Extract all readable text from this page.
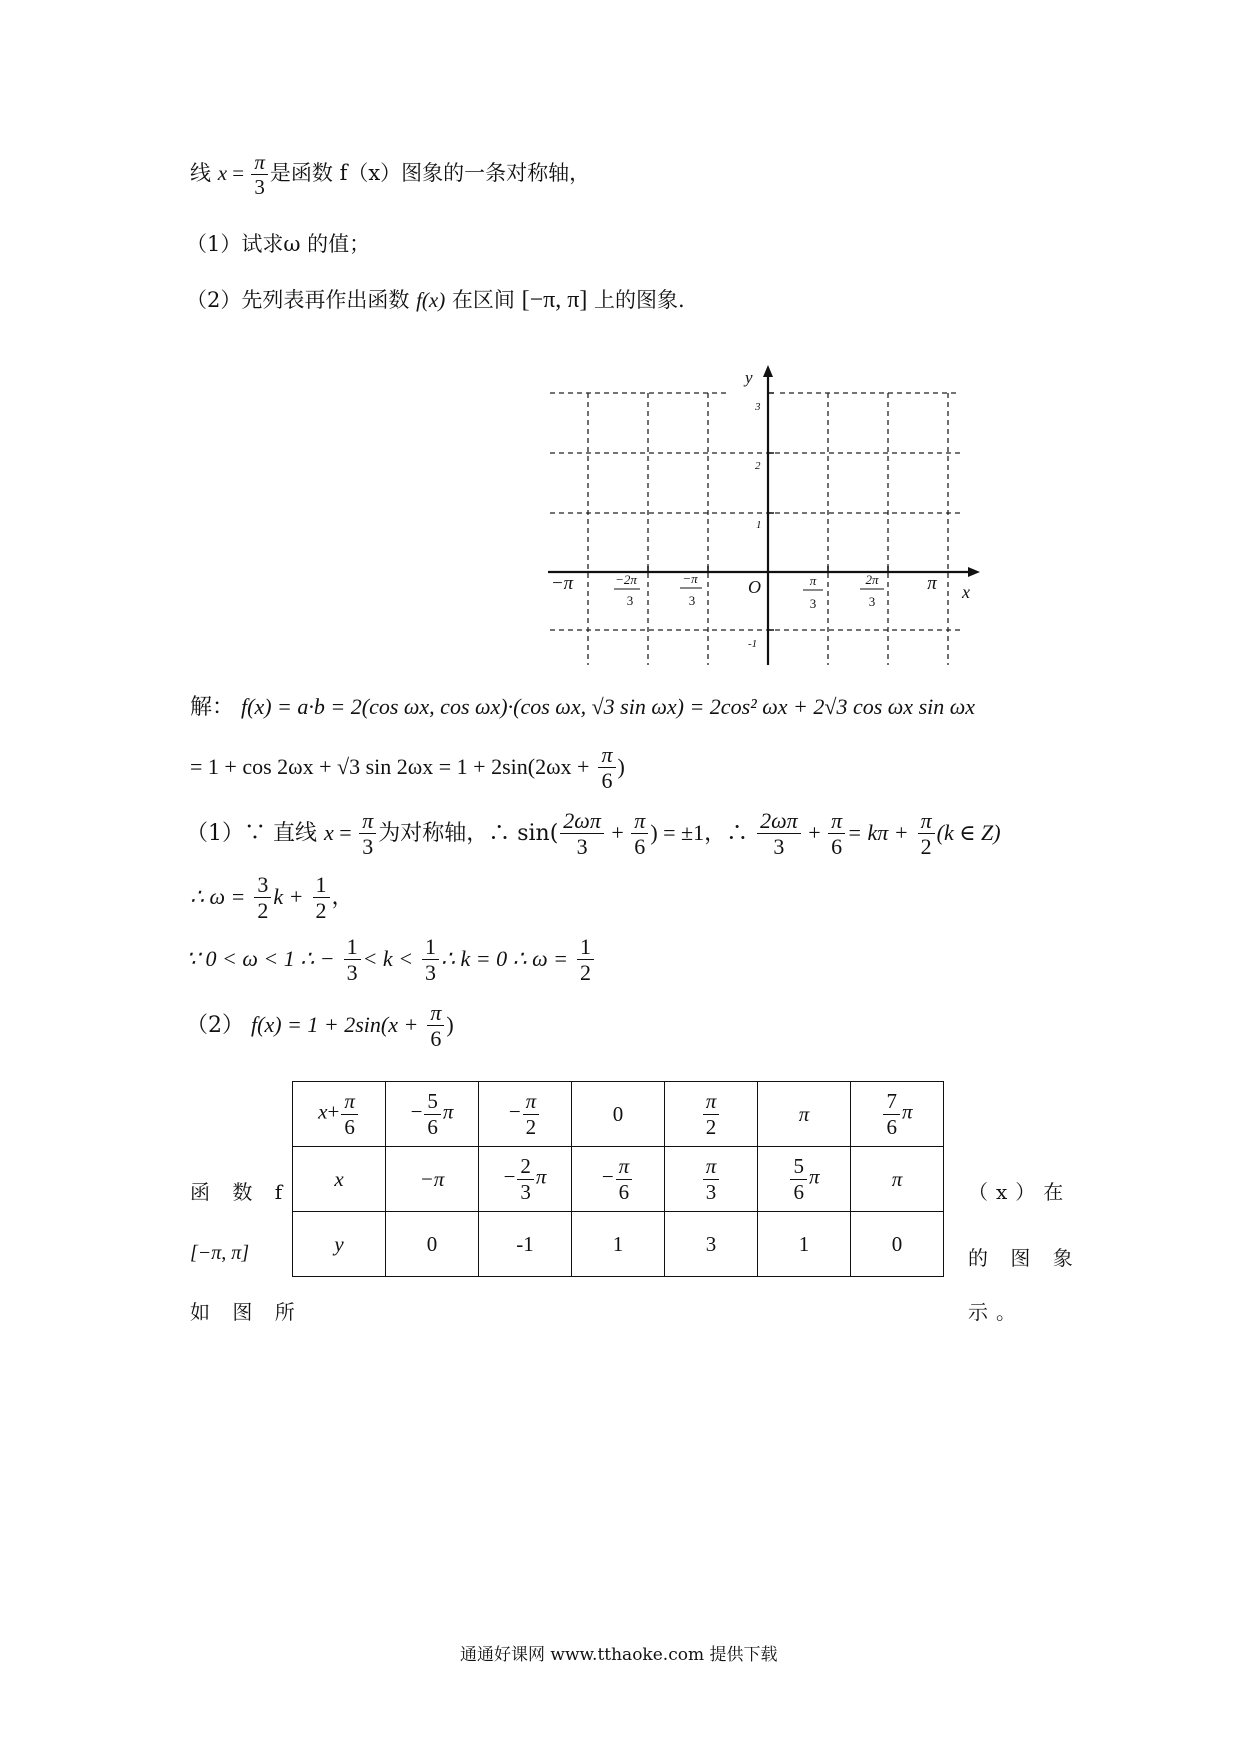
线 $x = \frac{\pi}{3}$ 是函数 f（x）图象的一条对称轴，
（1）试求ω 的值；
（2）先列表再作出函数 f(x) 在区间 [−π, π] 上的图象.
y
x
O
3
2
1
-1
−π	−2π
3
−π
3
π
3
2π
3
π
解： f(x) = a·b = 2(cos ωx, cos ωx)·(cos ωx, √3 sin ωx) = 2cos² ωx + 2√3 cos ωx sin ωx
= 1 + cos 2ωx + √3 $\sin 2\omega x = 1 + 2\sin(2\omega x + \frac{\pi}{6}$ )
（1）∵ 直线 $x = \frac{\pi}{3}$ 为对称轴，∴ $\sin( \frac{2\omega\pi}{3} + \frac{\pi}{6}$ ) = ±1，∴ $\frac{2\omega\pi}{3} + \frac{\pi}{6} = k\pi + \frac{\pi}{2} (k$ ∈ Z)
∴ $\omega = \frac{3}{2}$ $k + \frac{1}{2}$ ，
∵ 0 < ω < 1 ∴ − $\frac{1}{3} < k < \frac{1}{3}$ ∴ k = 0 ∴ $\omega = \frac{1}{2}$
（2） $f(x) = 1 + 2\sin(x + \frac{\pi}{6}$ )
$x+ \frac{\pi}{6}$	− $\frac{5}{6}$ π	− $\frac{\pi}{2}$	0	$\frac{\pi}{2}$	π	$\frac{7}{6}$ π
x	−π	− $\frac{2}{3}$ π	− $\frac{\pi}{6}$	$\frac{\pi}{3}$	$\frac{5}{6}$ π	π
y	0	-1	1	3	1	0
函 数 f
[−π, π]
如 图 所
（x）在
的 图 象
示。
通通好课网 www.tthaoke.com 提供下载
